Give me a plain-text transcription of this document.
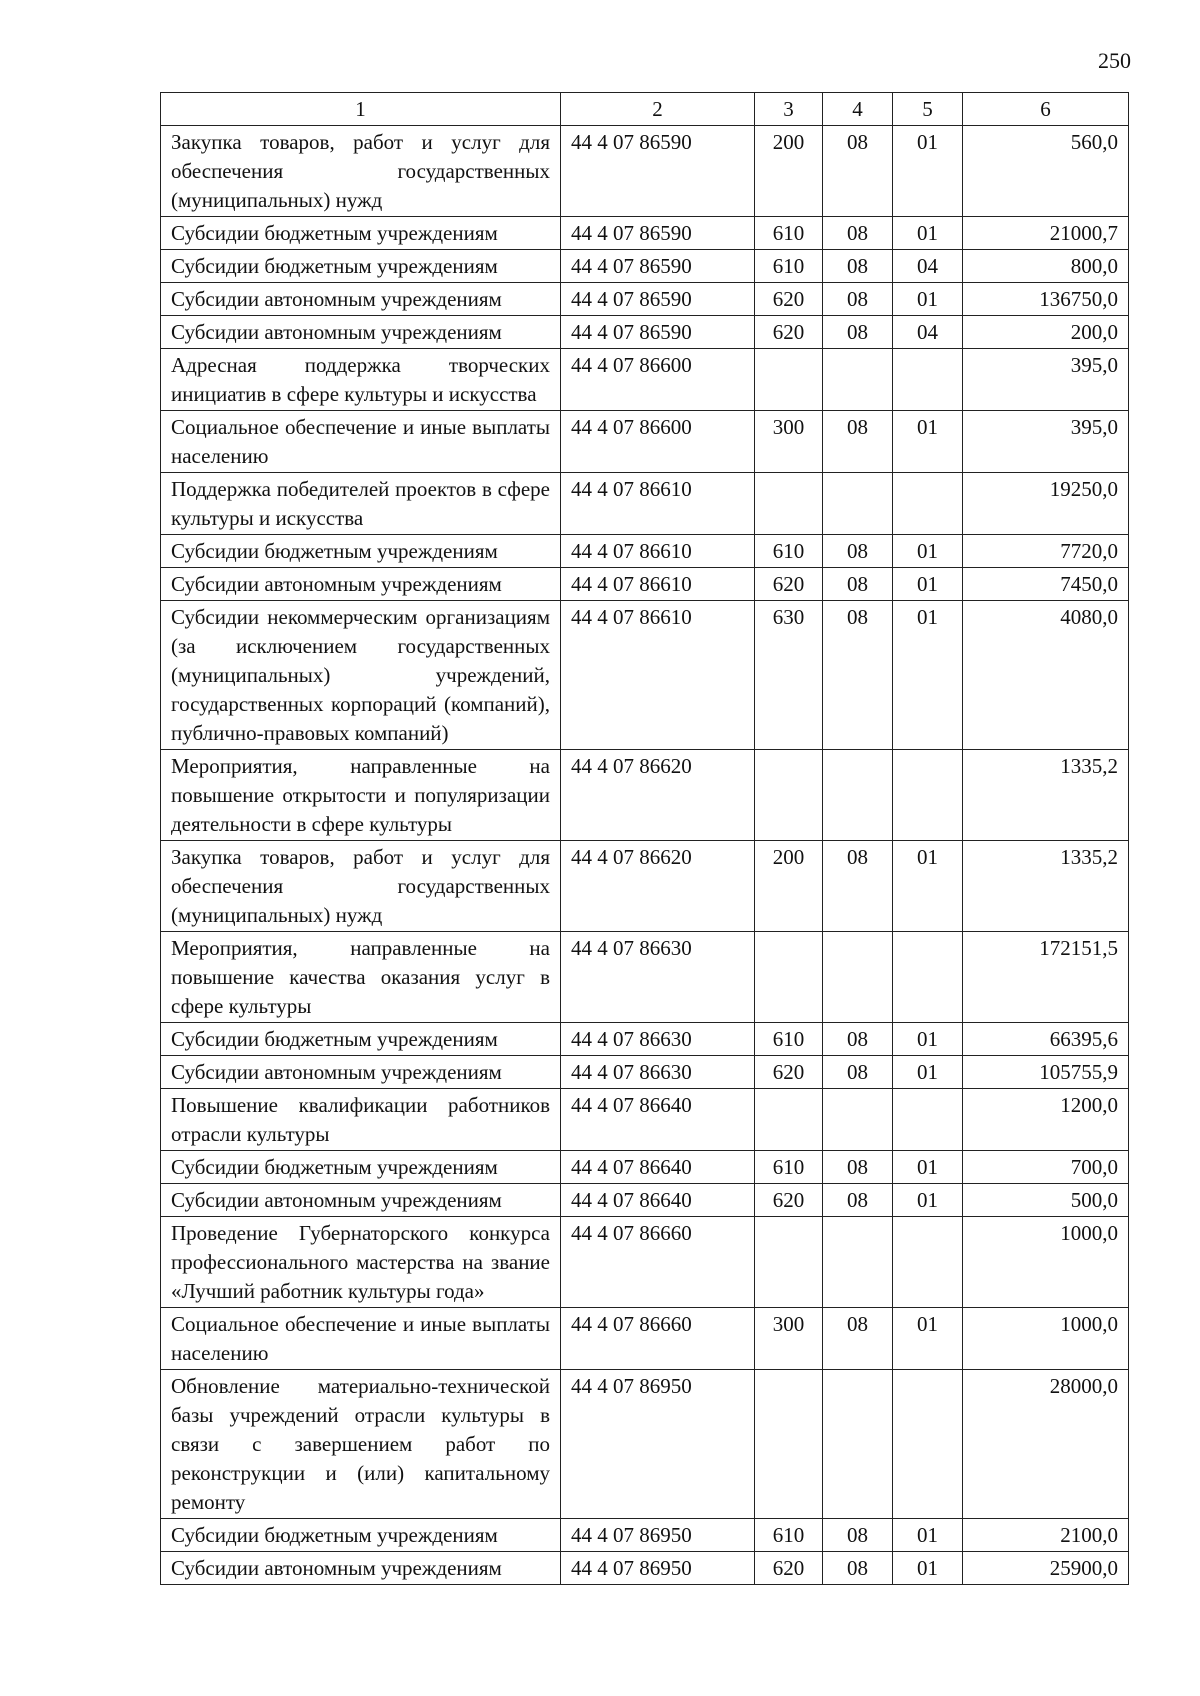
250
1	2	3	4	5	6
Закупка товаров, работ и услуг для обеспечения государственных (муниципальных) нужд	44 4 07 86590	200	08	01	560,0
Субсидии бюджетным учреждениям	44 4 07 86590	610	08	01	21000,7
Субсидии бюджетным учреждениям	44 4 07 86590	610	08	04	800,0
Субсидии автономным учреждениям	44 4 07 86590	620	08	01	136750,0
Субсидии автономным учреждениям	44 4 07 86590	620	08	04	200,0
Адресная поддержка творческих инициатив в сфере культуры и искусства	44 4 07 86600				395,0
Социальное обеспечение и иные выплаты населению	44 4 07 86600	300	08	01	395,0
Поддержка победителей проектов в сфере культуры и искусства	44 4 07 86610				19250,0
Субсидии бюджетным учреждениям	44 4 07 86610	610	08	01	7720,0
Субсидии автономным учреждениям	44 4 07 86610	620	08	01	7450,0
Субсидии некоммерческим организациям (за исключением государственных (муниципальных) учреждений, государственных корпораций (компаний), публично-правовых компаний)	44 4 07 86610	630	08	01	4080,0
Мероприятия, направленные на повышение открытости и популяризации деятельности в сфере культуры	44 4 07 86620				1335,2
Закупка товаров, работ и услуг для обеспечения государственных (муниципальных) нужд	44 4 07 86620	200	08	01	1335,2
Мероприятия, направленные на повышение качества оказания услуг в сфере культуры	44 4 07 86630				172151,5
Субсидии бюджетным учреждениям	44 4 07 86630	610	08	01	66395,6
Субсидии автономным учреждениям	44 4 07 86630	620	08	01	105755,9
Повышение квалификации работников отрасли культуры	44 4 07 86640				1200,0
Субсидии бюджетным учреждениям	44 4 07 86640	610	08	01	700,0
Субсидии автономным учреждениям	44 4 07 86640	620	08	01	500,0
Проведение Губернаторского конкурса профессионального мастерства на звание «Лучший работник культуры года»	44 4 07 86660				1000,0
Социальное обеспечение и иные выплаты населению	44 4 07 86660	300	08	01	1000,0
Обновление материально-технической базы учреждений отрасли культуры в связи с завершением работ по реконструкции и (или) капитальному ремонту	44 4 07 86950				28000,0
Субсидии бюджетным учреждениям	44 4 07 86950	610	08	01	2100,0
Субсидии автономным учреждениям	44 4 07 86950	620	08	01	25900,0
